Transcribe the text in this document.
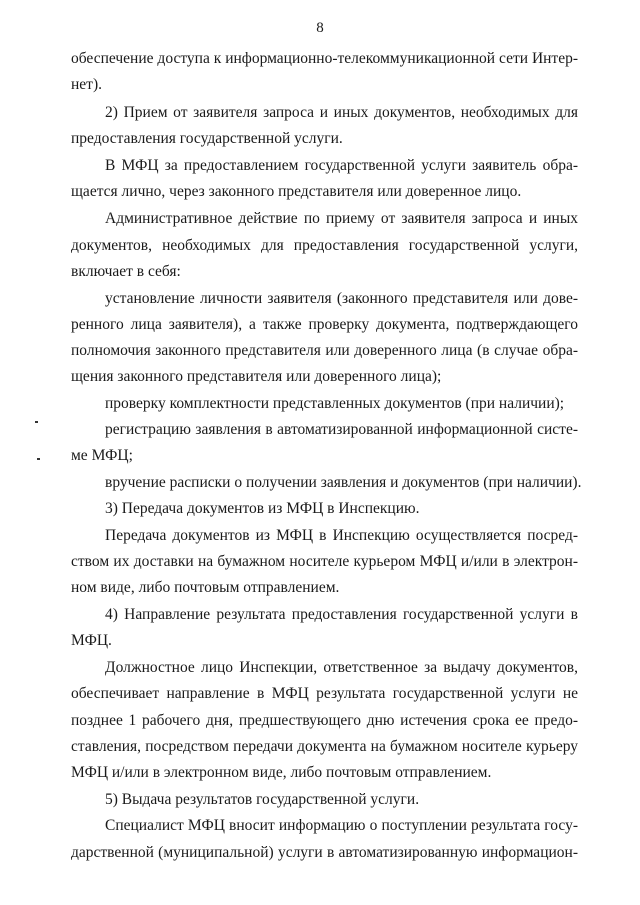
8
обеспечение доступа к информационно-телекоммуникационной сети Интер-
нет).
2) Прием от заявителя запроса и иных документов, необходимых для
предоставления государственной услуги.
В МФЦ за предоставлением государственной услуги заявитель обра-
щается лично, через законного представителя или доверенное лицо.
Административное действие по приему от заявителя запроса и иных
документов, необходимых для предоставления государственной услуги,
включает в себя:
установление личности заявителя (законного представителя или дове-
ренного лица заявителя), а также проверку документа, подтверждающего
полномочия законного представителя или доверенного лица (в случае обра-
щения законного представителя или доверенного лица);
проверку комплектности представленных документов (при наличии);
регистрацию заявления в автоматизированной информационной систе-
ме МФЦ;
вручение расписки о получении заявления и документов (при наличии).
3) Передача документов из МФЦ в Инспекцию.
Передача документов из МФЦ в Инспекцию осуществляется посред-
ством их доставки на бумажном носителе курьером МФЦ и/или в электрон-
ном виде, либо почтовым отправлением.
4) Направление результата предоставления государственной услуги в
МФЦ.
Должностное лицо Инспекции, ответственное за выдачу документов,
обеспечивает направление в МФЦ результата государственной услуги не
позднее 1 рабочего дня, предшествующего дню истечения срока ее предо-
ставления, посредством передачи документа на бумажном носителе курьеру
МФЦ и/или в электронном виде, либо почтовым отправлением.
5) Выдача результатов государственной услуги.
Специалист МФЦ вносит информацию о поступлении результата госу-
дарственной (муниципальной) услуги в автоматизированную информацион-
